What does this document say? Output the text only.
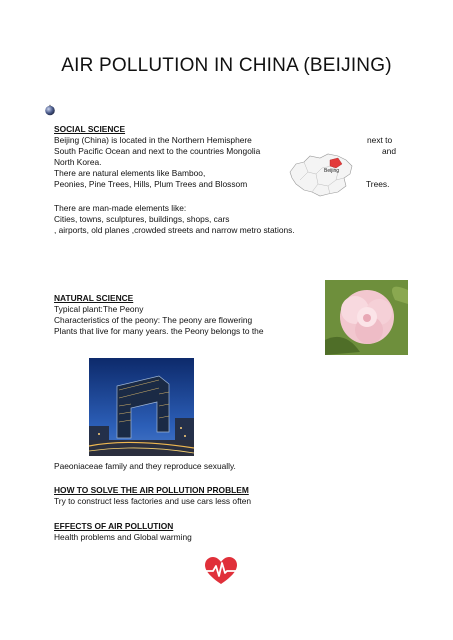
AIR POLLUTION IN CHINA (BEIJING)
SOCIAL SCIENCE
Beijing (China) is located in the Northern Hemisphere	next to
South Pacific Ocean and next to the countries Mongolia	and
North Korea.
There are natural elements like Bamboo,
Peonies, Pine Trees, Hills, Plum Trees and Blossom	Trees.
There are man-made elements like:
Cities, towns, sculptures, buildings, shops, cars
, airports, old planes ,crowded streets and narrow metro stations.
Beijing
NATURAL SCIENCE
Typical plant:The Peony
Characteristics of the peony: The peony are flowering
Plants that live for many years. the Peony belongs to the
Paeoniaceae family and they reproduce sexually.
HOW TO SOLVE THE AIR POLLUTION PROBLEM
Try to construct less factories and use cars less often
EFFECTS OF AIR POLLUTION
Health problems and Global warming
